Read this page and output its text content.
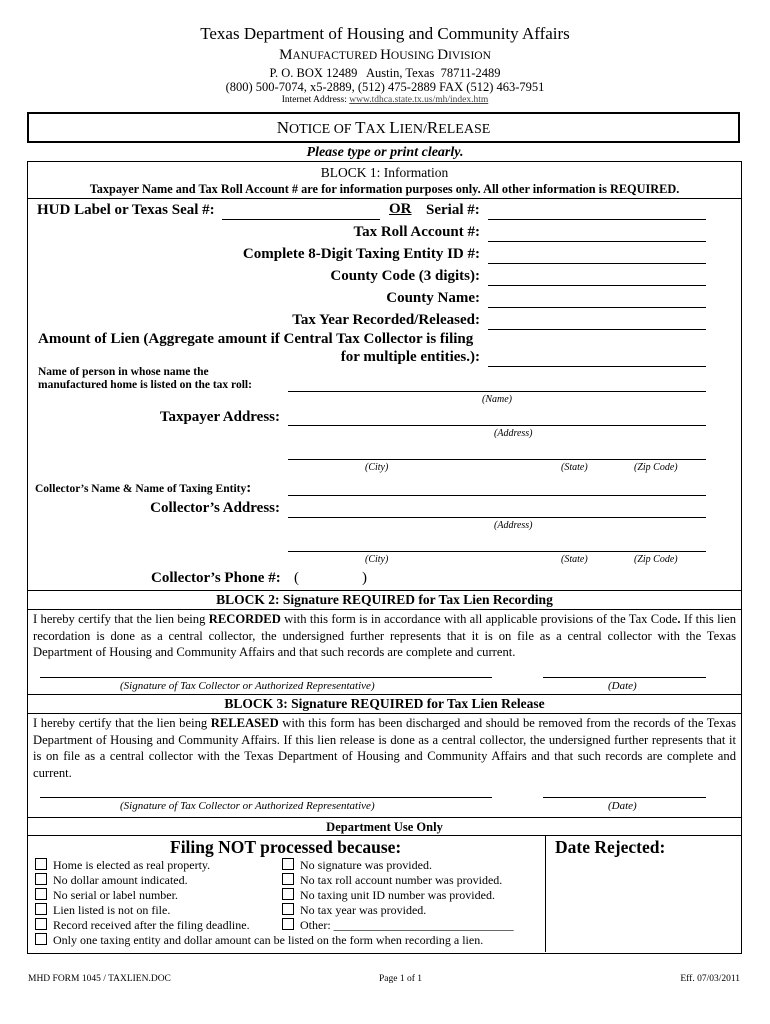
Texas Department of Housing and Community Affairs
MANUFACTURED HOUSING DIVISION
P. O. BOX 12489   Austin, Texas  78711-2489
(800) 500-7074, x5-2889, (512) 475-2889 FAX (512) 463-7951
Internet Address: www.tdhca.state.tx.us/mh/index.htm
NOTICE OF TAX LIEN/RELEASE
Please type or print clearly.
BLOCK 1: Information
Taxpayer Name and Tax Roll Account # are for information purposes only. All other information is REQUIRED.
HUD Label or Texas Seal #:	OR Serial #:
Tax Roll Account #:
Complete 8-Digit Taxing Entity ID #:
County Code (3 digits):
County Name:
Tax Year Recorded/Released:
Amount of Lien (Aggregate amount if Central Tax Collector is filing
for multiple entities.):
Name of person in whose name the
manufactured home is listed on the tax roll:
(Name)
Taxpayer Address:
(Address)
(City)	(State)	(Zip Code)
Collector’s Name & Name of Taxing Entity:
Collector’s Address:
(Address)
(City)	(State)	(Zip Code)
Collector’s Phone #: (	)
BLOCK 2: Signature REQUIRED for Tax Lien Recording
I hereby certify that the lien being RECORDED with this form is in accordance with all applicable provisions of the Tax Code. If this lien recordation is done as a central collector, the undersigned further represents that it is on file as a central collector with the Texas Department of Housing and Community Affairs and that such records are complete and current.
(Signature of Tax Collector or Authorized Representative)	(Date)
BLOCK 3: Signature REQUIRED for Tax Lien Release
I hereby certify that the lien being RELEASED with this form has been discharged and should be removed from the records of the Texas Department of Housing and Community Affairs. If this lien release is done as a central collector, the undersigned further represents that it is on file as a central collector with the Texas Department of Housing and Community Affairs and that such records are complete and current.
(Signature of Tax Collector or Authorized Representative)	(Date)
Department Use Only
Filing NOT processed because:	Date Rejected:
Home is elected as real property.
No dollar amount indicated.
No serial or label number.
Lien listed is not on file.
Record received after the filing deadline.
No signature was provided.
No tax roll account number was provided.
No taxing unit ID number was provided.
No tax year was provided.
Other: ______________________________
Only one taxing entity and dollar amount can be listed on the form when recording a lien.
MHD FORM 1045 / TAXLIEN.DOC	Page 1 of 1	Eff. 07/03/2011
